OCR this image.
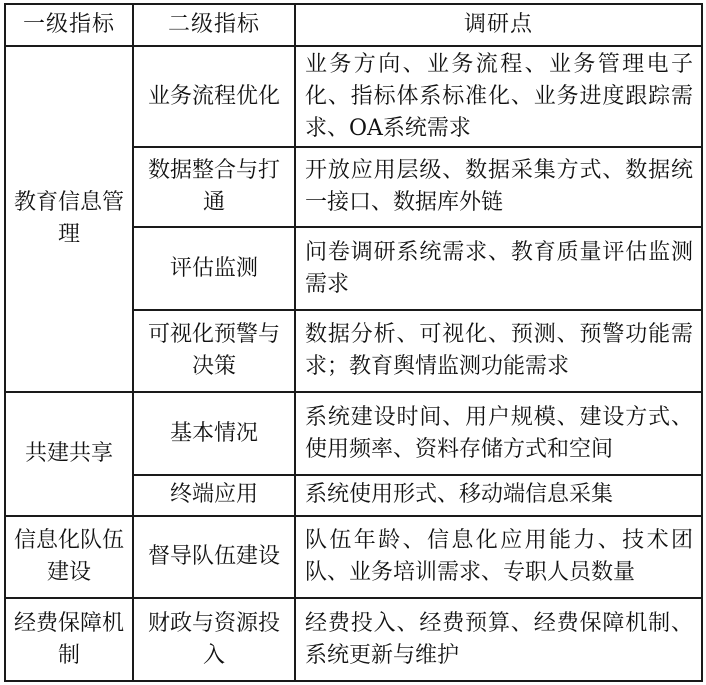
一级指标	二级指标	调研点
教育信息管理	业务流程优化	业务方向、业务流程、业务管理电子化、指标体系标准化、业务进度跟踪需求、OA系统需求
	数据整合与打通	开放应用层级、数据采集方式、数据统一接口、数据库外链
	评估监测	问卷调研系统需求、教育质量评估监测需求
	可视化预警与决策	数据分析、可视化、预测、预警功能需求；教育舆情监测功能需求
共建共享	基本情况	系统建设时间、用户规模、建设方式、使用频率、资料存储方式和空间
	终端应用	系统使用形式、移动端信息采集
信息化队伍建设	督导队伍建设	队伍年龄、信息化应用能力、技术团队、业务培训需求、专职人员数量
经费保障机制	财政与资源投入	经费投入、经费预算、经费保障机制、系统更新与维护
